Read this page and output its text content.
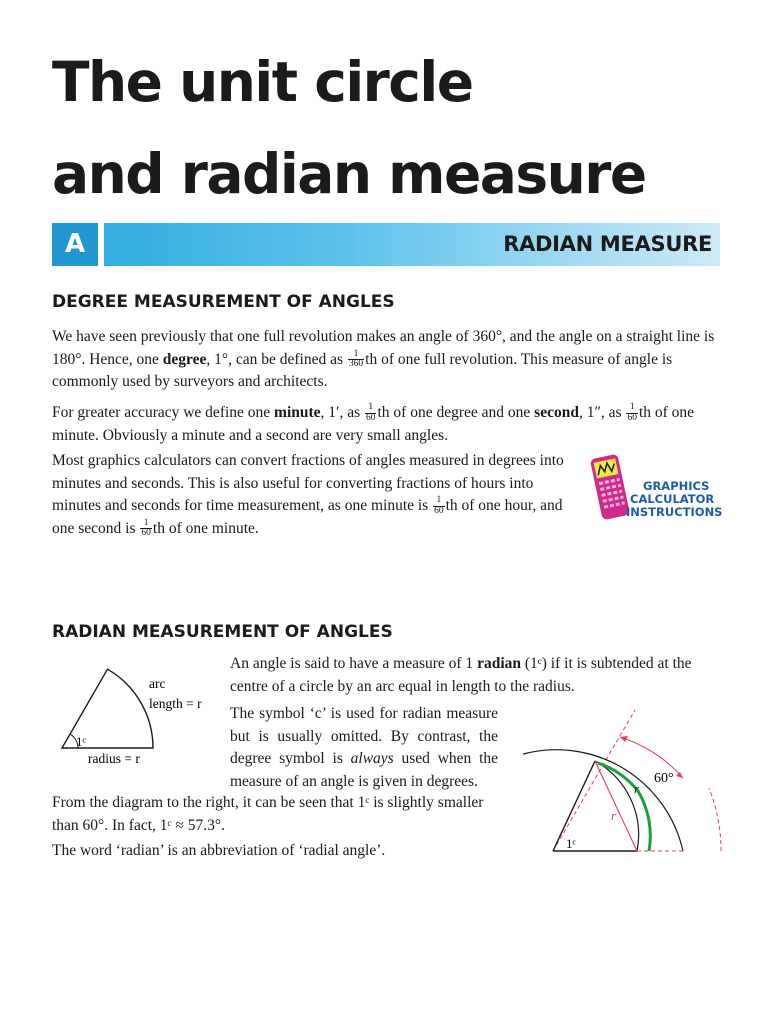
The unit circle
and radian measure
A	RADIAN MEASURE
DEGREE MEASUREMENT OF ANGLES

We have seen previously that one full revolution makes an angle of 360°, and the angle on a straight line is 180°. Hence, one degree, 1°, can be defined as $\frac{1}{360}$ th of one full revolution. This measure of angle is commonly used by surveyors and architects.

For greater accuracy we define one minute, 1′, as $\frac{1}{60}$ th of one degree and one second, 1″, as $\frac{1}{60}$ th of one minute. Obviously a minute and a second are very small angles.

Most graphics calculators can convert fractions of angles measured in degrees into minutes and seconds. This is also useful for converting fractions of hours into minutes and seconds for time measurement, as one minute is $\frac{1}{60}$ th of one hour, and one second is $\frac{1}{60}$ th of one minute.

GRAPHICS
CALCULATOR
INSTRUCTIONS
RADIAN MEASUREMENT OF ANGLES

An angle is said to have a measure of 1 radian (1ᶜ) if it is subtended at the centre of a circle by an arc equal in length to the radius.

The symbol ‘c’ is used for radian measure but is usually omitted. By contrast, the degree symbol is always used when the measure of an angle is given in degrees.

From the diagram to the right, it can be seen that 1ᶜ is slightly smaller than 60°. In fact, 1ᶜ ≈ 57.3°.

The word ‘radian’ is an abbreviation of ‘radial angle’.

arc
length = r
1ᶜ
radius = r
60°
r
r
1ᶜ
